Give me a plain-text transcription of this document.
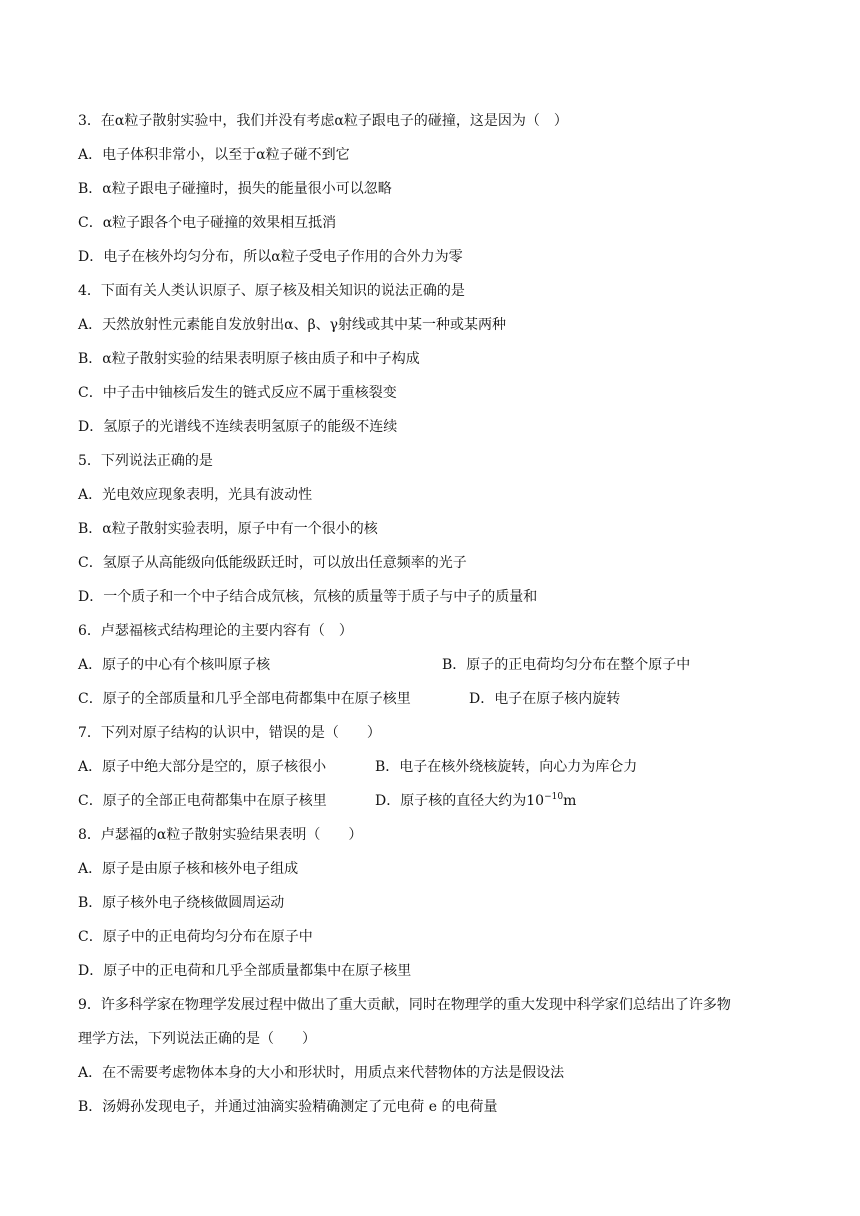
3．在α粒子散射实验中，我们并没有考虑α粒子跟电子的碰撞，这是因为（　）
A．电子体积非常小，以至于α粒子碰不到它
B．α粒子跟电子碰撞时，损失的能量很小可以忽略
C．α粒子跟各个电子碰撞的效果相互抵消
D．电子在核外均匀分布，所以α粒子受电子作用的合外力为零
4．下面有关人类认识原子、原子核及相关知识的说法正确的是
A．天然放射性元素能自发放射出α、β、γ射线或其中某一种或某两种
B．α粒子散射实验的结果表明原子核由质子和中子构成
C．中子击中铀核后发生的链式反应不属于重核裂变
D．氢原子的光谱线不连续表明氢原子的能级不连续
5．下列说法正确的是
A．光电效应现象表明，光具有波动性
B．α粒子散射实验表明，原子中有一个很小的核
C．氢原子从高能级向低能级跃迁时，可以放出任意频率的光子
D．一个质子和一个中子结合成氘核，氘核的质量等于质子与中子的质量和
6．卢瑟福核式结构理论的主要内容有（　）
A．原子的中心有个核叫原子核	B．原子的正电荷均匀分布在整个原子中
C．原子的全部质量和几乎全部电荷都集中在原子核里	D．电子在原子核内旋转
7．下列对原子结构的认识中，错误的是（　　）
A．原子中绝大部分是空的，原子核很小	B．电子在核外绕核旋转，向心力为库仑力
C．原子的全部正电荷都集中在原子核里	D．原子核的直径大约为$10^{-10}m$
8．卢瑟福的α粒子散射实验结果表明（　　）
A．原子是由原子核和核外电子组成
B．原子核外电子绕核做圆周运动
C．原子中的正电荷均匀分布在原子中
D．原子中的正电荷和几乎全部质量都集中在原子核里
9．许多科学家在物理学发展过程中做出了重大贡献，同时在物理学的重大发现中科学家们总结出了许多物
理学方法，下列说法正确的是（　　）
A．在不需要考虑物体本身的大小和形状时，用质点来代替物体的方法是假设法
B．汤姆孙发现电子，并通过油滴实验精确测定了元电荷 e 的电荷量
